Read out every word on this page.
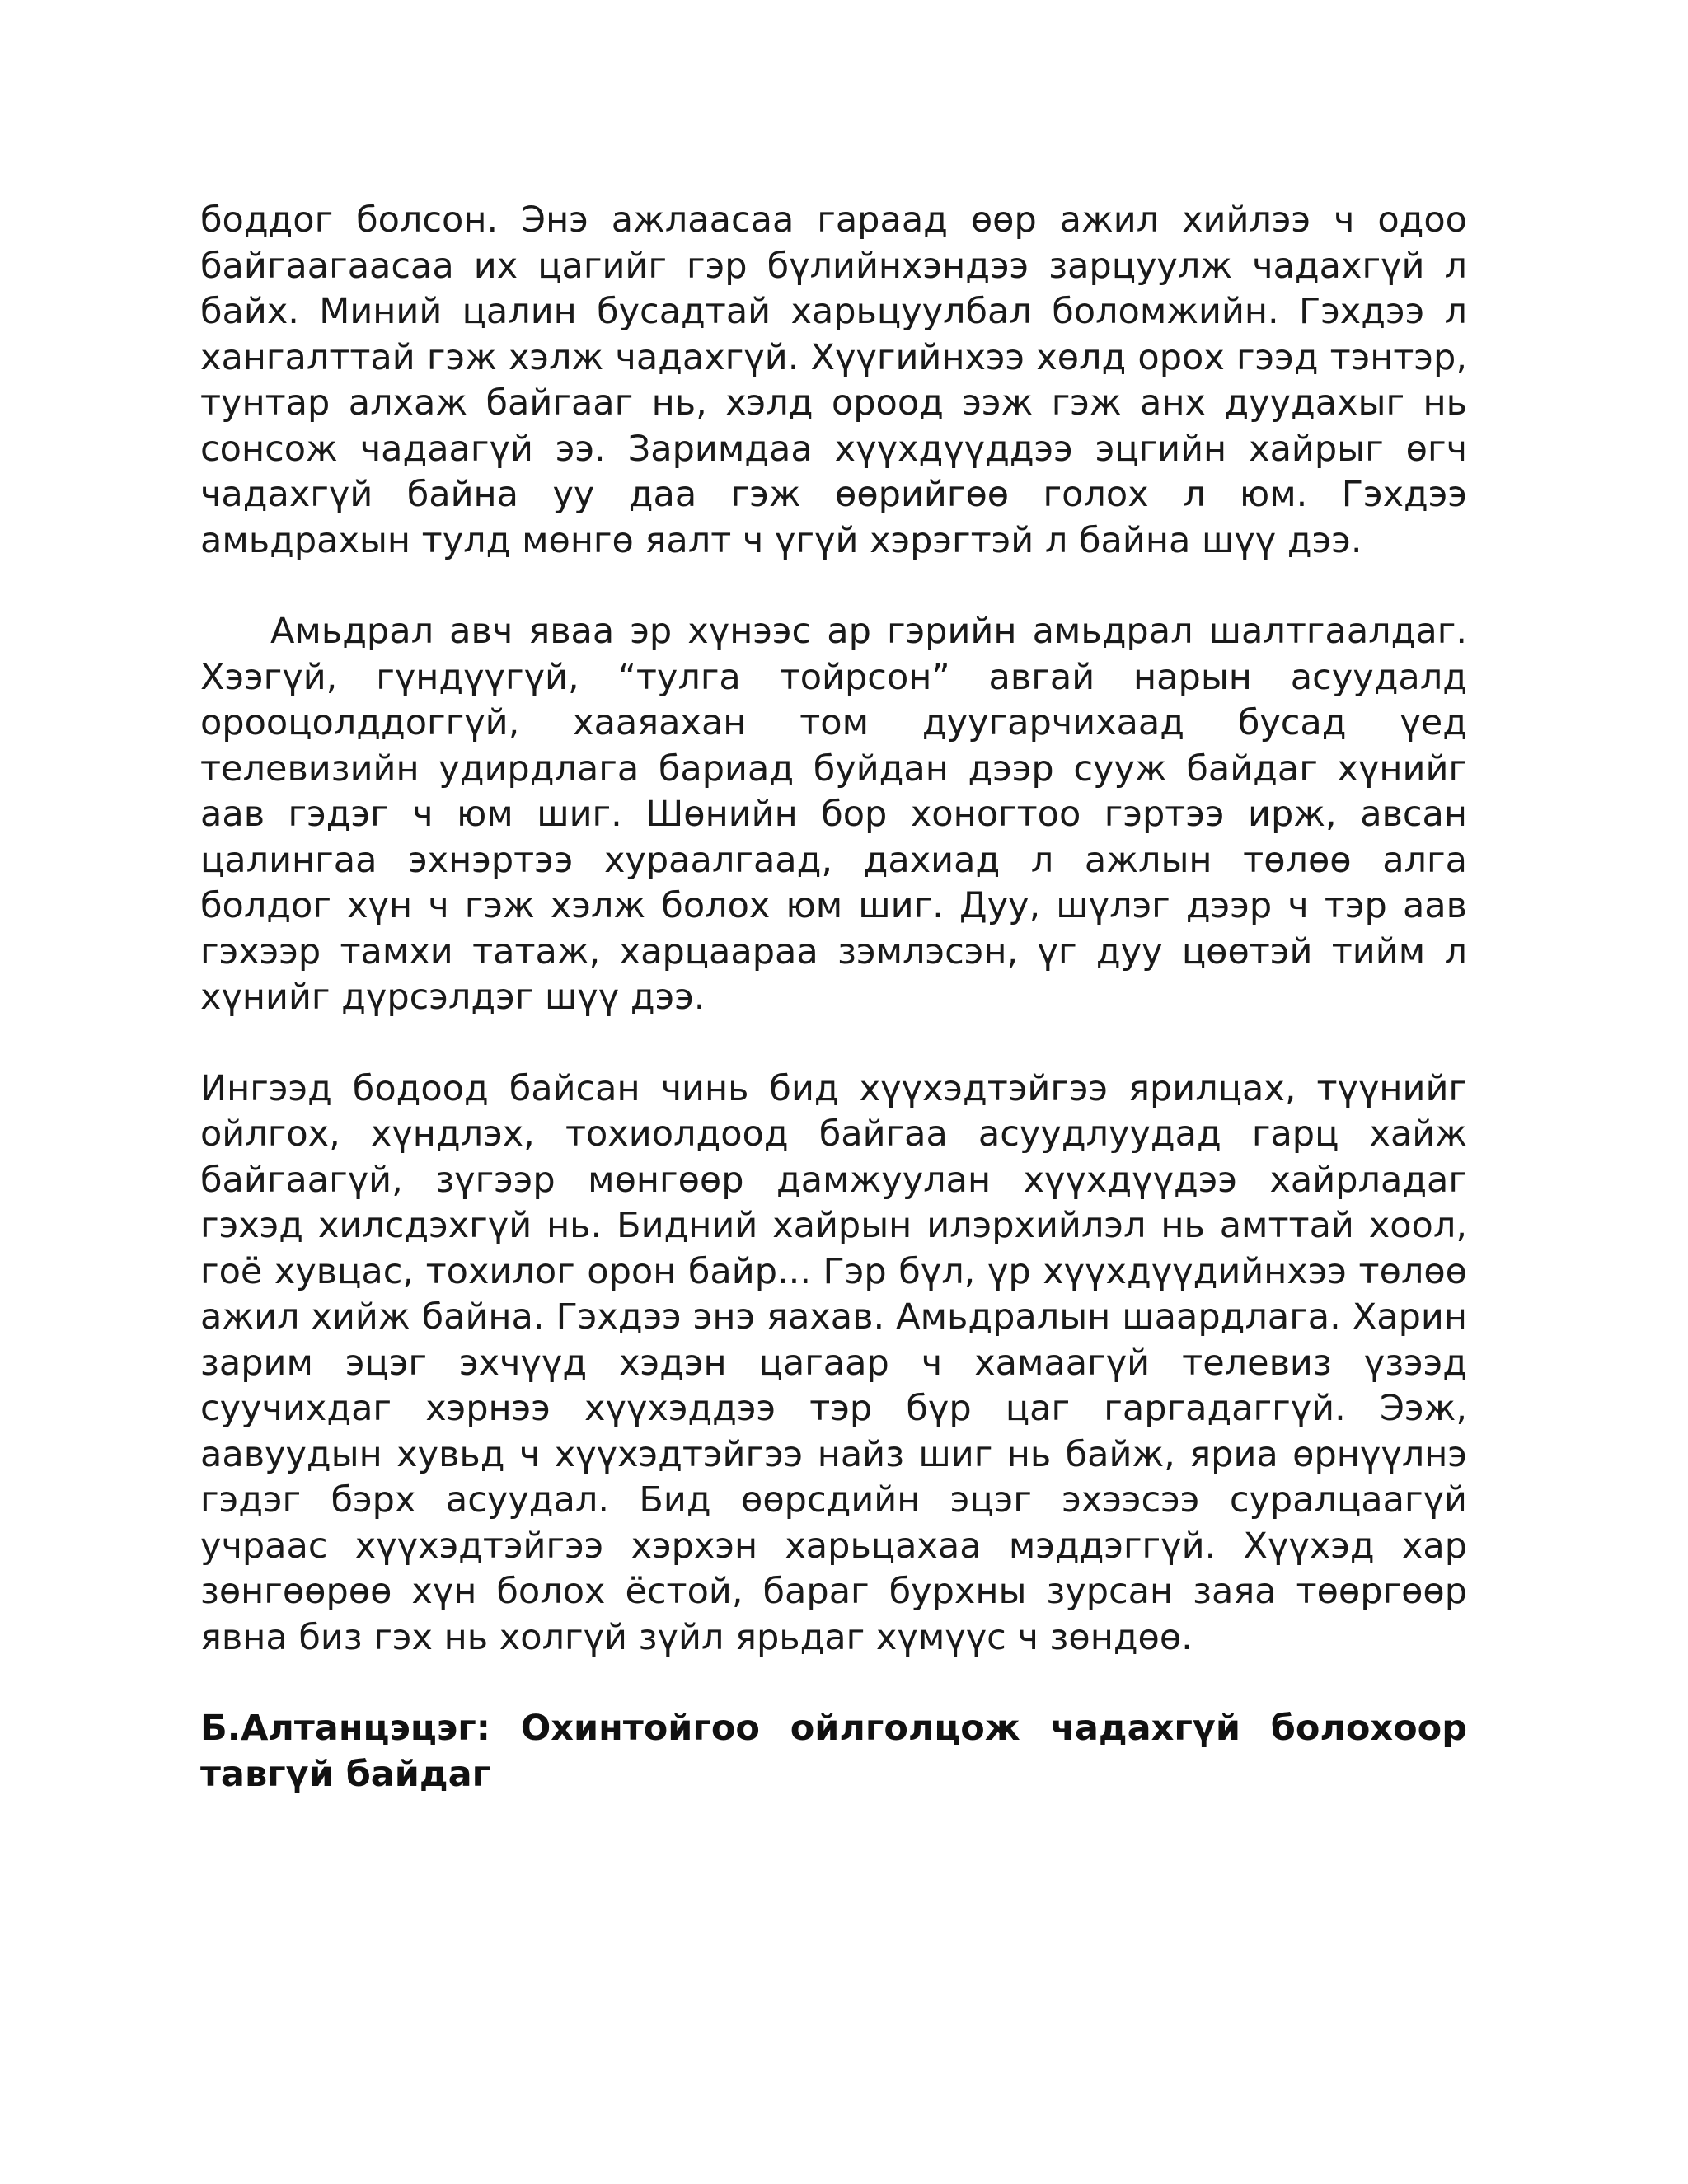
боддог болсон. Энэ ажлаасаа гараад өөр ажил хийлээ ч одоо байгаагаасаа их цагийг гэр бүлийнхэндээ зарцуулж чадахгүй л байх. Миний цалин бусадтай харьцуулбал боломжийн. Гэхдээ л хангалттай гэж хэлж чадахгүй. Хүүгийнхээ хөлд орох гээд тэнтэр, тунтар алхаж байгааг нь, хэлд ороод ээж гэж анх дуудахыг нь сонсож чадаагүй ээ. Заримдаа хүүхдүүддээ эцгийн хайрыг өгч чадахгүй байна уу даа гэж өөрийгөө голох л юм. Гэхдээ амьдрахын тулд мөнгө яалт ч үгүй хэрэгтэй л байна шүү дээ.

Амьдрал авч яваа эр хүнээс ар гэрийн амьдрал шалтгаалдаг. Хээгүй, гүндүүгүй, “тулга тойрсон” авгай нарын асуудалд орооцолддоггүй, хааяахан том дуугарчихаад бусад үед телевизийн удирдлага бариад буйдан дээр сууж байдаг хүнийг аав гэдэг ч юм шиг. Шөнийн бор хоногтоо гэртээ ирж, авсан цалингаа эхнэртээ хураалгаад, дахиад л ажлын төлөө алга болдог хүн ч гэж хэлж болох юм шиг. Дуу, шүлэг дээр ч тэр аав гэхээр тамхи татаж, харцаараа зэмлэсэн, үг дуу цөөтэй тийм л хүнийг дүрсэлдэг шүү дээ.

Ингээд бодоод байсан чинь бид хүүхэдтэйгээ ярилцах, түүнийг ойлгох, хүндлэх, тохиолдоод байгаа асуудлуудад гарц хайж байгаагүй, зүгээр мөнгөөр дамжуулан хүүхдүүдээ хайрладаг гэхэд хилсдэхгүй нь. Бидний хайрын илэрхийлэл нь амттай хоол, гоё хувцас, тохилог орон байр... Гэр бүл, үр хүүхдүүдийнхээ төлөө ажил хийж байна. Гэхдээ энэ яахав. Амьдралын шаардлага. Харин зарим эцэг эхчүүд хэдэн цагаар ч хамаагүй телевиз үзээд суучихдаг хэрнээ хүүхэддээ тэр бүр цаг гаргадаггүй. Ээж, аавуудын хувьд ч хүүхэдтэйгээ найз шиг нь байж, яриа өрнүүлнэ гэдэг бэрх асуудал. Бид өөрсдийн эцэг эхээсээ суралцаагүй учраас хүүхэдтэйгээ хэрхэн харьцахаа мэддэггүй. Хүүхэд хар зөнгөөрөө хүн болох ёстой, бараг бурхны зурсан заяа төөргөөр явна биз гэх нь холгүй зүйл ярьдаг хүмүүс ч зөндөө.

Б.Алтанцэцэг: Охинтойгоо ойлголцож чадахгүй болохоор тавгүй байдаг
